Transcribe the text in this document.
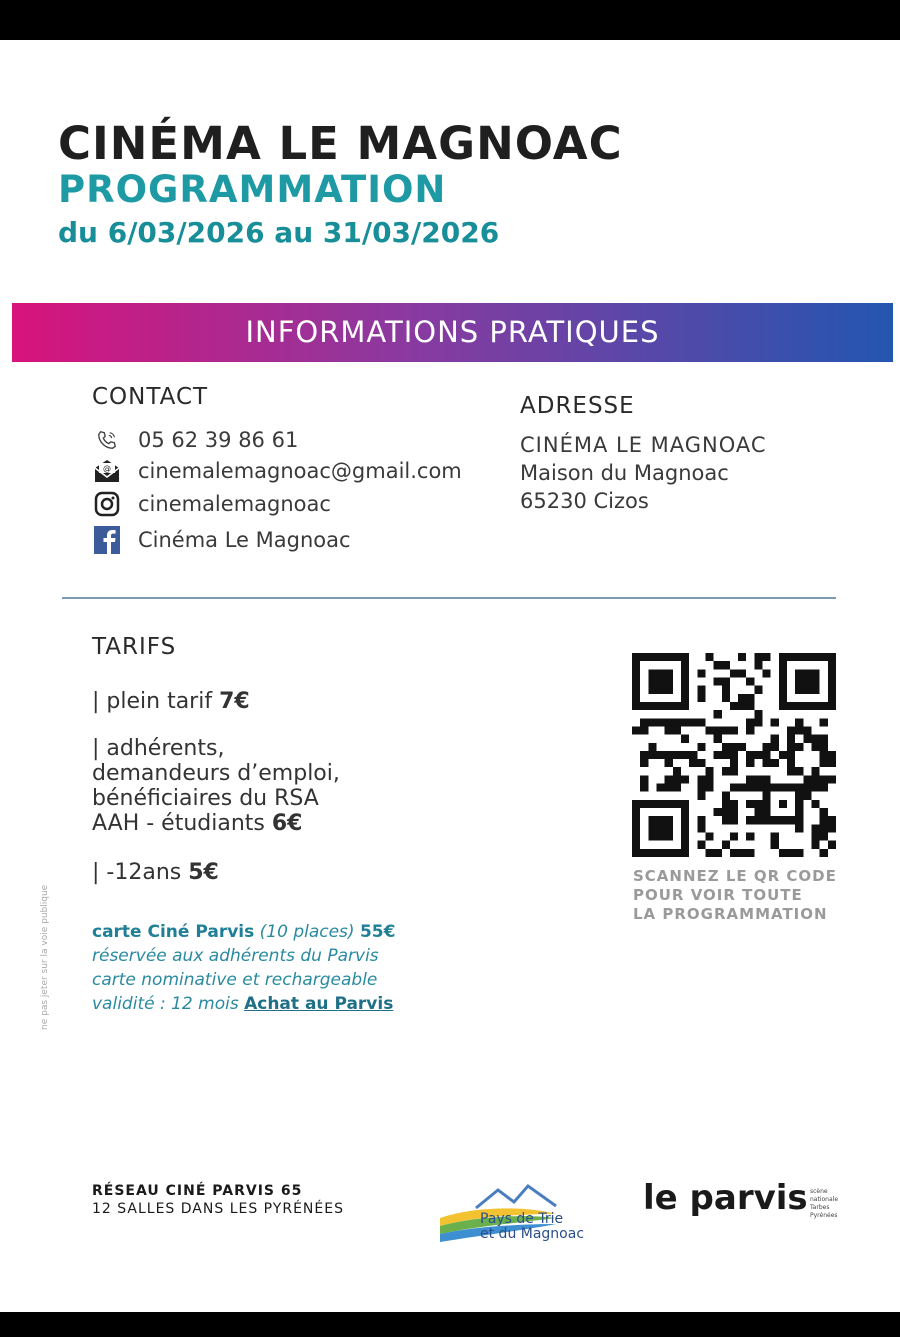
CINÉMA LE MAGNOAC
PROGRAMMATION
du 6/03/2026 au 31/03/2026
INFORMATIONS PRATIQUES
CONTACT
05 62 39 86 61
@ cinemalemagnoac@gmail.com
cinemalemagnoac
Cinéma Le Magnoac
ADRESSE
CINÉMA LE MAGNOAC
Maison du Magnoac
65230 Cizos
TARIFS
| plein tarif 7€
| adhérents,
demandeurs d’emploi,
bénéficiaires du RSA
AAH - étudiants 6€
| -12ans 5€
carte Ciné Parvis (10 places) 55€
réservée aux adhérents du Parvis
carte nominative et rechargeable
validité : 12 mois Achat au Parvis
SCANNEZ LE QR CODE
POUR VOIR TOUTE
LA PROGRAMMATION
ne pas jeter sur la voie publique
RÉSEAU CINÉ PARVIS 65
12 SALLES DANS LES PYRÉNÉES
Pays de Trie
et du Magnoac
le parvis scène
nationale
Tarbes
Pyrénées
